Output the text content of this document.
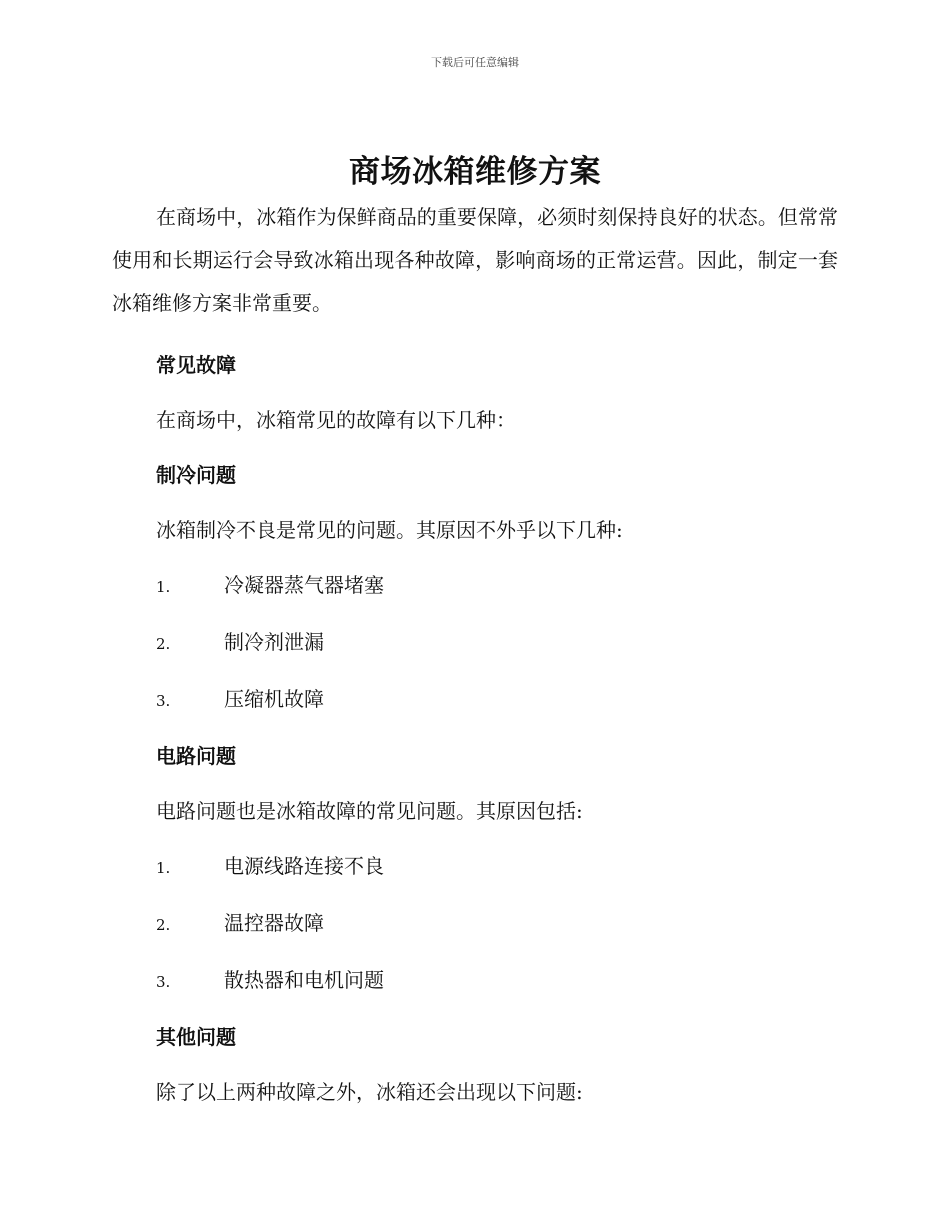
下载后可任意编辑
商场冰箱维修方案

在商场中，冰箱作为保鲜商品的重要保障，必须时刻保持良好的状态。但常常使用和长期运行会导致冰箱出现各种故障，影响商场的正常运营。因此，制定一套冰箱维修方案非常重要。

常见故障

在商场中，冰箱常见的故障有以下几种：

制冷问题

冰箱制冷不良是常见的问题。其原因不外乎以下几种:

1.	冷凝器蒸气器堵塞
2.	制冷剂泄漏
3.	压缩机故障

电路问题

电路问题也是冰箱故障的常见问题。其原因包括:

1.	电源线路连接不良
2.	温控器故障
3.	散热器和电机问题

其他问题

除了以上两种故障之外，冰箱还会出现以下问题:
